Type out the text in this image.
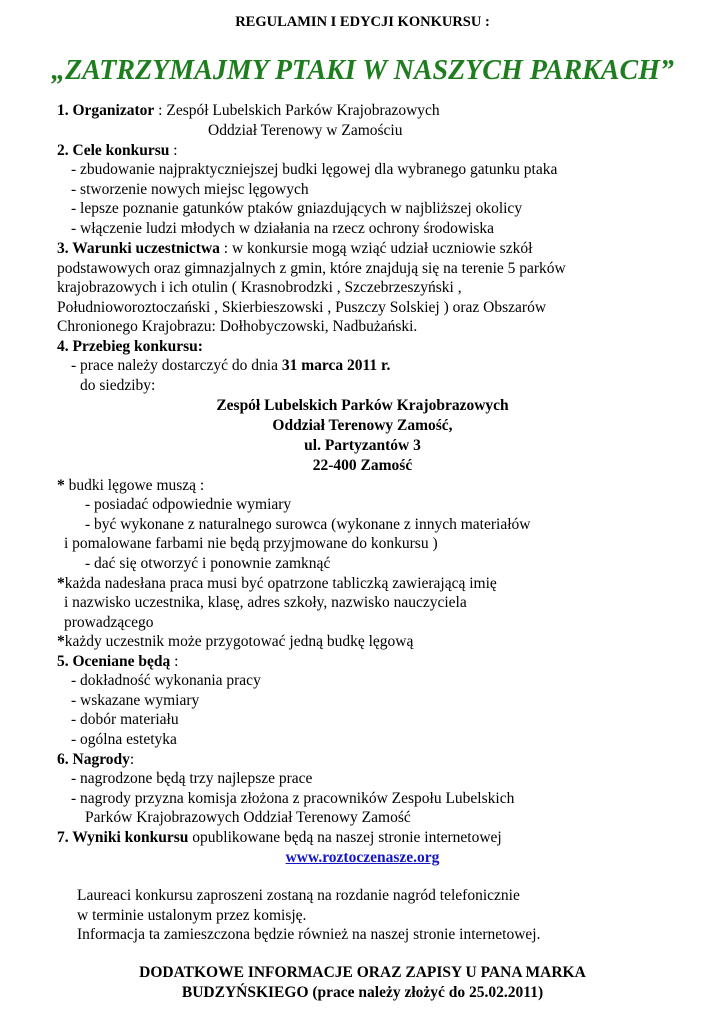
REGULAMIN I EDYCJI KONKURSU :
„ZATRZYMAJMY PTAKI W NASZYCH PARKACH”
1. Organizator : Zespół Lubelskich Parków Krajobrazowych
Oddział Terenowy w Zamościu
2. Cele konkursu :
- zbudowanie najpraktyczniejszej budki lęgowej dla wybranego gatunku ptaka
- stworzenie nowych miejsc lęgowych
- lepsze poznanie gatunków ptaków gniazdujących w najbliższej okolicy
- włączenie ludzi młodych w działania na rzecz ochrony środowiska
3. Warunki uczestnictwa : w konkursie mogą wziąć udział uczniowie szkół
podstawowych oraz gimnazjalnych z gmin, które znajdują się na terenie 5 parków
krajobrazowych i ich otulin ( Krasnobrodzki , Szczebrzeszyński ,
Południoworoztoczański , Skierbieszowski , Puszczy Solskiej ) oraz Obszarów
Chronionego Krajobrazu: Dołhobyczowski, Nadbużański.
4. Przebieg konkursu:
- prace należy dostarczyć do dnia 31 marca 2011 r.
do siedziby:
Zespół Lubelskich Parków Krajobrazowych
Oddział Terenowy Zamość,
ul. Partyzantów 3
22-400 Zamość
* budki lęgowe muszą :
- posiadać odpowiednie wymiary
- być wykonane z naturalnego surowca (wykonane z innych materiałów
i pomalowane farbami nie będą przyjmowane do konkursu )
- dać się otworzyć i ponownie zamknąć
*każda nadesłana praca musi być opatrzone tabliczką zawierającą imię
i nazwisko uczestnika, klasę, adres szkoły, nazwisko nauczyciela
prowadzącego
*każdy uczestnik może przygotować jedną budkę lęgową
5. Oceniane będą :
- dokładność wykonania pracy
- wskazane wymiary
- dobór materiału
- ogólna estetyka
6. Nagrody:
- nagrodzone będą trzy najlepsze prace
- nagrody przyzna komisja złożona z pracowników Zespołu Lubelskich
Parków Krajobrazowych Oddział Terenowy Zamość
7. Wyniki konkursu opublikowane będą na naszej stronie internetowej
www.roztoczenasze.org
Laureaci konkursu zaproszeni zostaną na rozdanie nagród telefonicznie
w terminie ustalonym przez komisję.
Informacja ta zamieszczona będzie również na naszej stronie internetowej.
DODATKOWE INFORMACJE ORAZ ZAPISY U PANA MARKA
BUDZYŃSKIEGO (prace należy złożyć do 25.02.2011)
